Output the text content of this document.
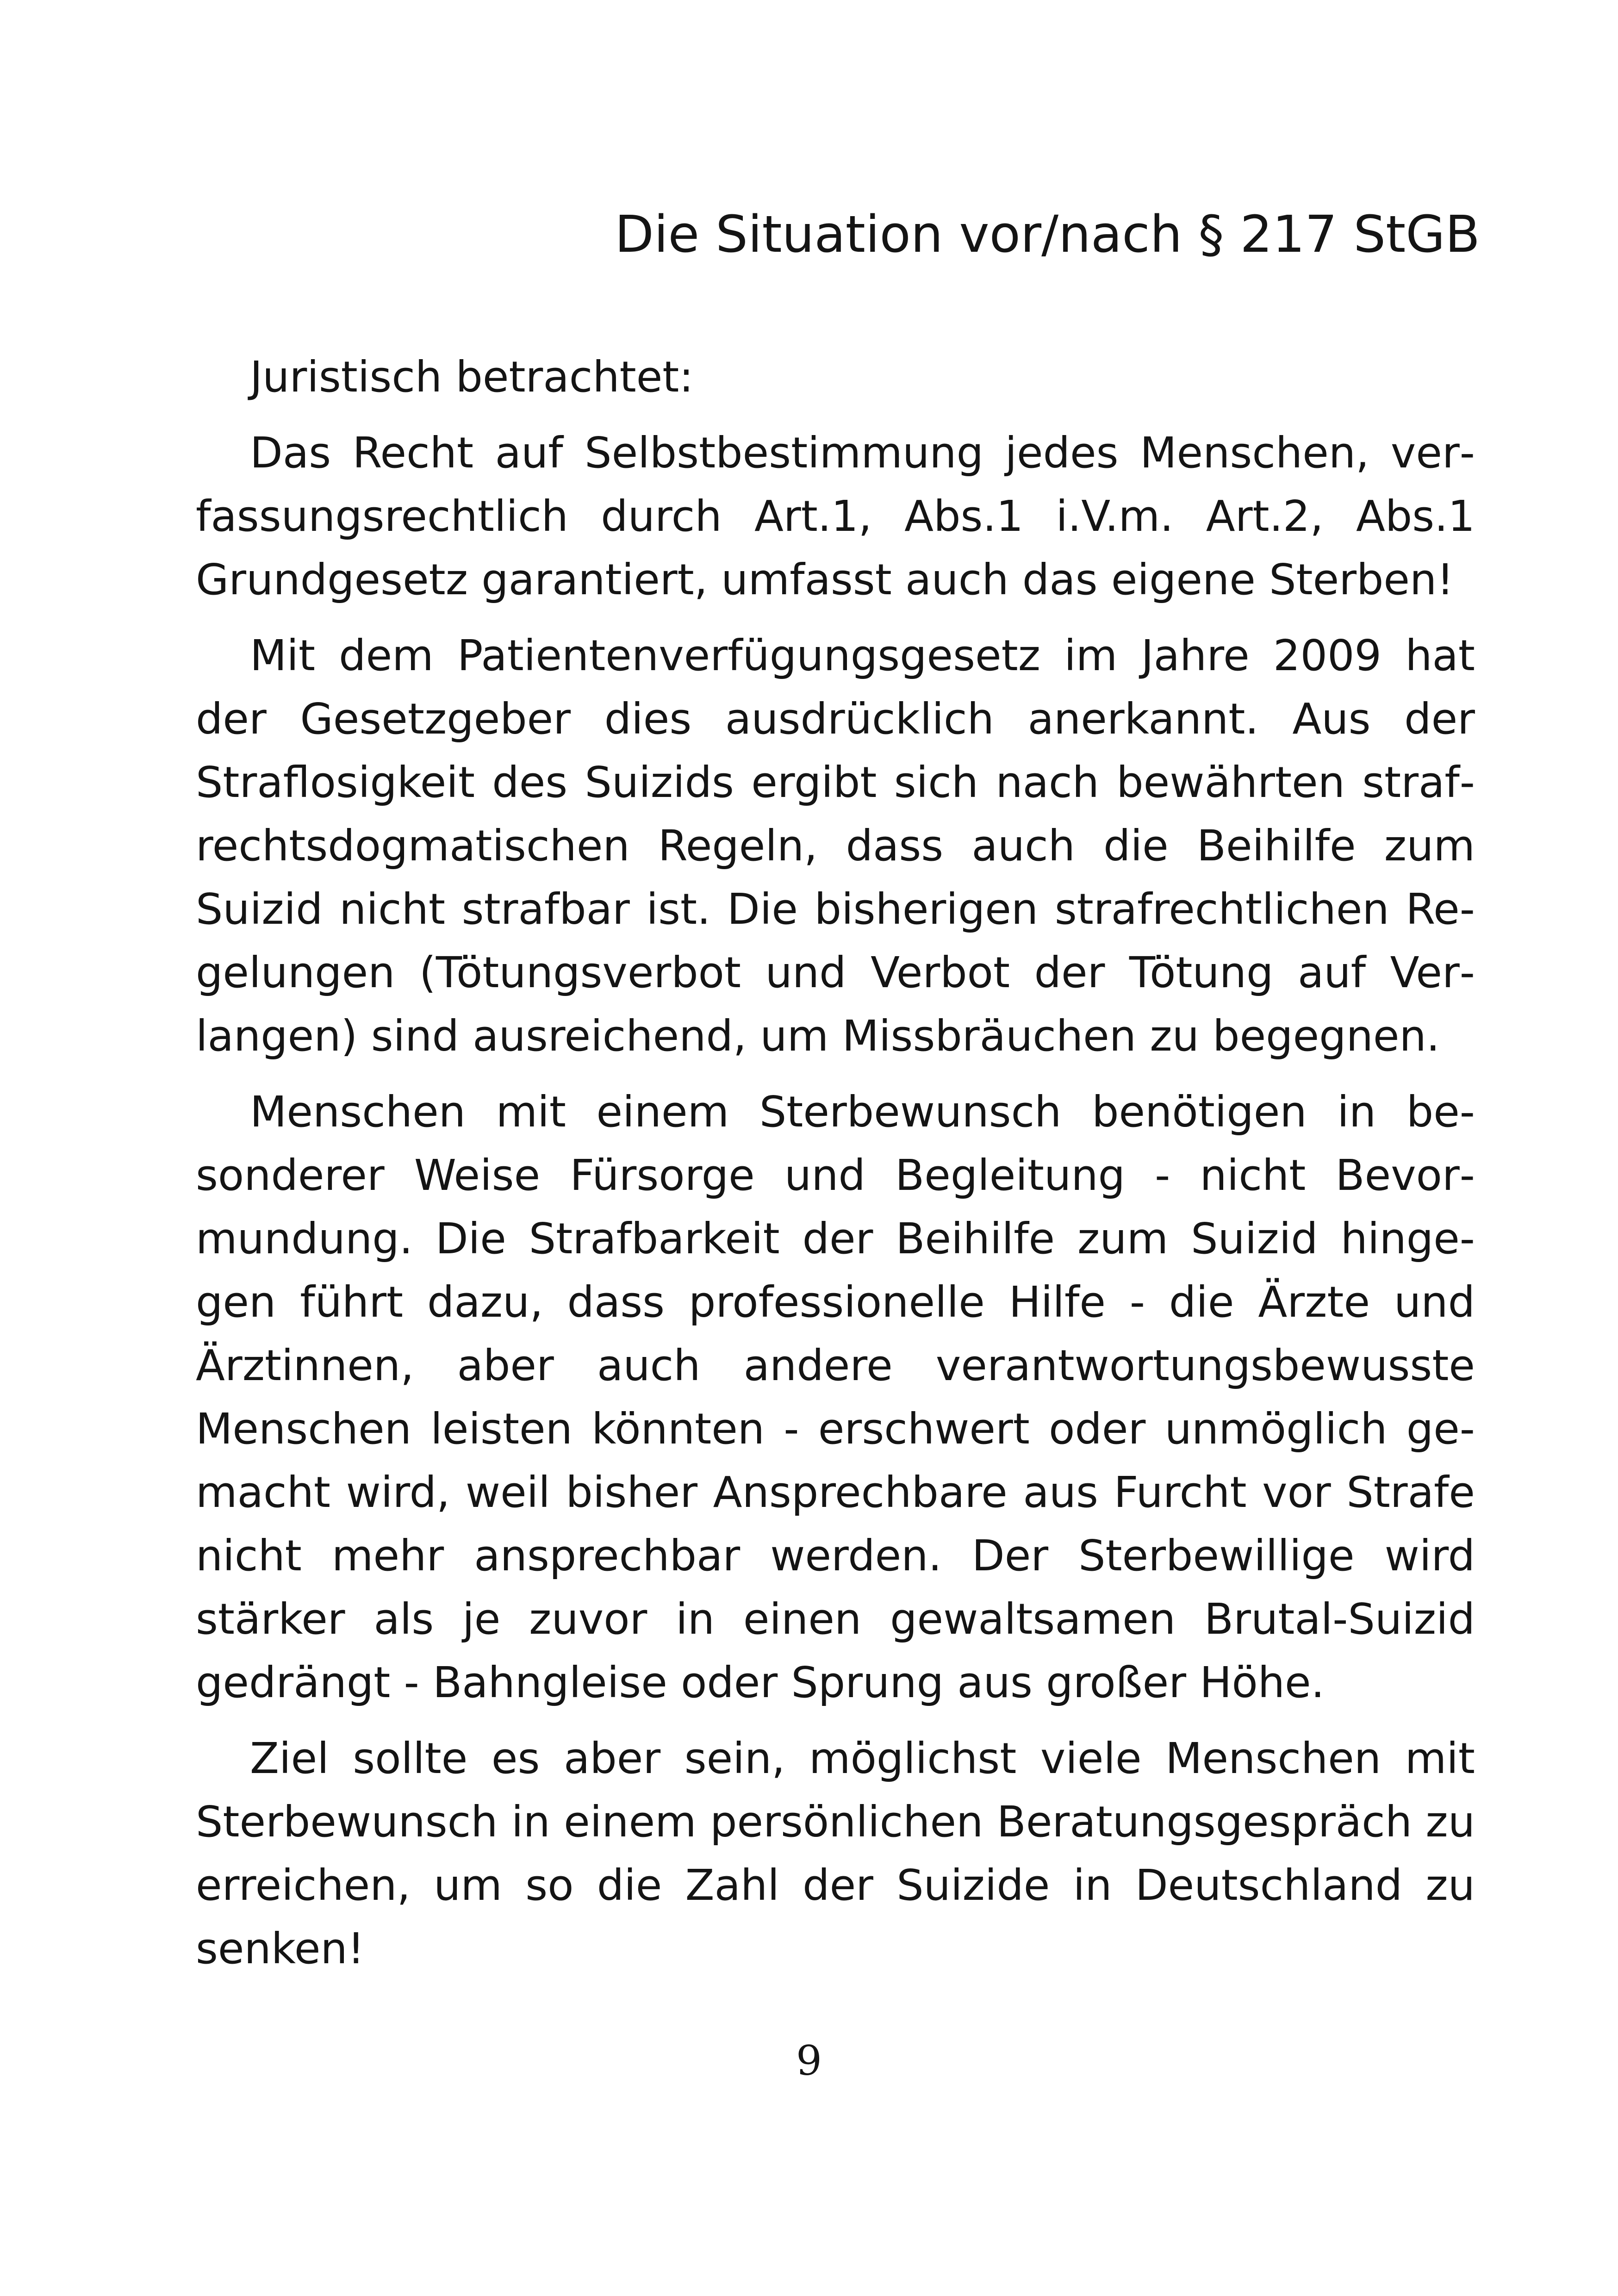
Die Situation vor/nach § 217 StGB

Juristisch betrachtet:

Das Recht auf Selbstbestimmung jedes Menschen, verfassungsrechtlich durch Art.1, Abs.1 i.V.m. Art.2, Abs.1 Grundgesetz garantiert, umfasst auch das eigene Sterben!

Mit dem Patientenverfügungsgesetz im Jahre 2009 hat der Gesetzgeber dies ausdrücklich anerkannt. Aus der Straflosigkeit des Suizids ergibt sich nach bewährten strafrechtsdogmatischen Regeln, dass auch die Beihilfe zum Suizid nicht strafbar ist. Die bisherigen strafrechtlichen Regelungen (Tötungsverbot und Verbot der Tötung auf Verlangen) sind ausreichend, um Missbräuchen zu begegnen.

Menschen mit einem Sterbewunsch benötigen in besonderer Weise Fürsorge und Begleitung - nicht Bevormundung. Die Strafbarkeit der Beihilfe zum Suizid hingegen führt dazu, dass professionelle Hilfe - die Ärzte und Ärztinnen, aber auch andere verantwortungsbewusste Menschen leisten könnten - erschwert oder unmöglich gemacht wird, weil bisher Ansprechbare aus Furcht vor Strafe nicht mehr ansprechbar werden. Der Sterbewillige wird stärker als je zuvor in einen gewaltsamen Brutal-Suizid gedrängt - Bahngleise oder Sprung aus großer Höhe.

Ziel sollte es aber sein, möglichst viele Menschen mit Sterbewunsch in einem persönlichen Beratungsgespräch zu erreichen, um so die Zahl der Suizide in Deutschland zu senken!

9
